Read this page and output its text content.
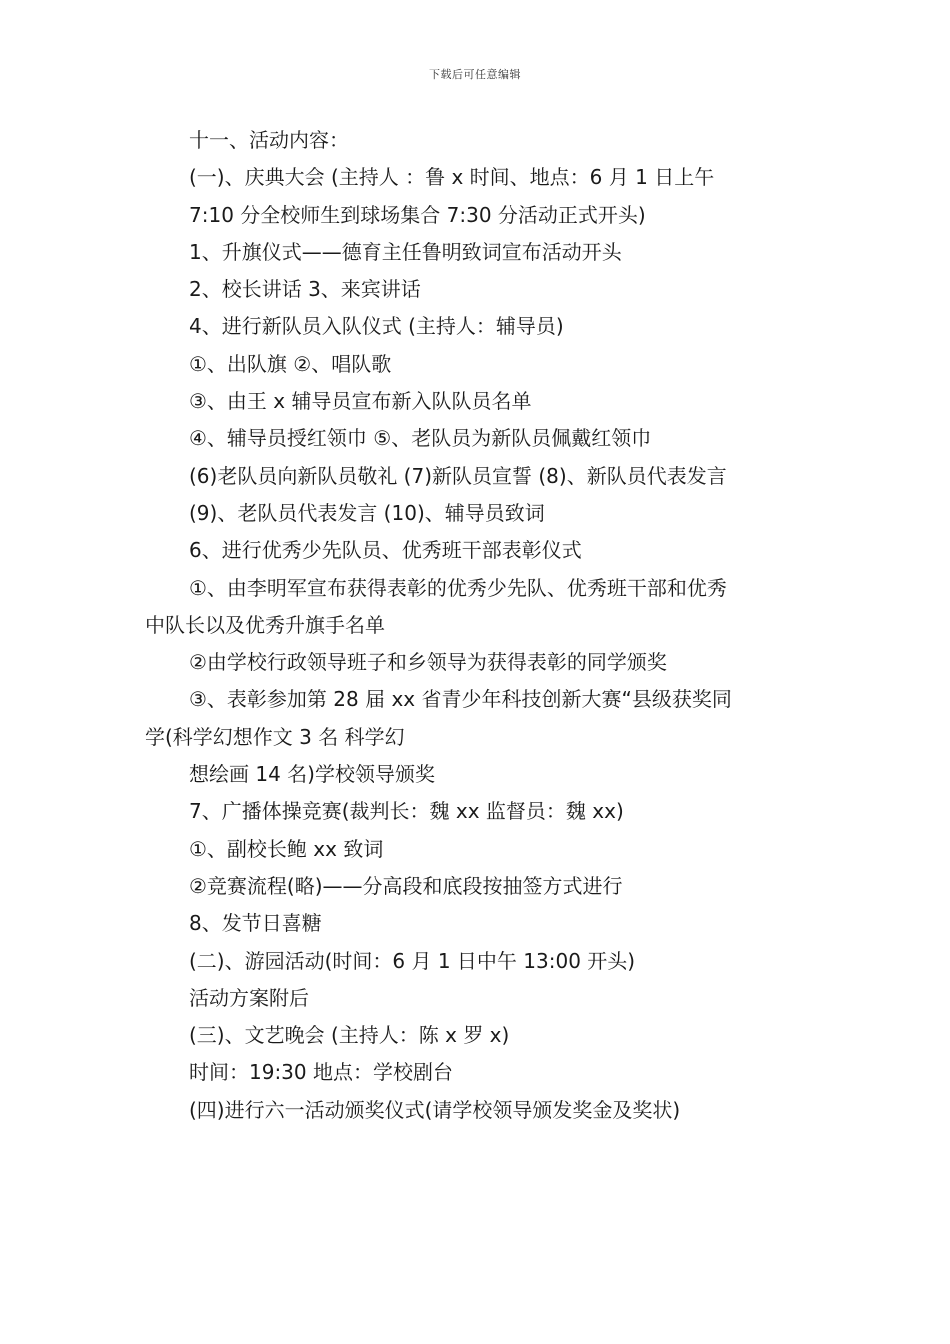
下载后可任意编辑
十一、活动内容：
(一)、庆典大会 (主持人 ：鲁 x 时间、地点：6 月 1 日上午
7:10 分全校师生到球场集合 7:30 分活动正式开头)
1、升旗仪式——德育主任鲁明致词宣布活动开头
2、校长讲话 3、来宾讲话
4、进行新队员入队仪式 (主持人：辅导员)
①、出队旗 ②、唱队歌
③、由王 x 辅导员宣布新入队队员名单
④、辅导员授红领巾 ⑤、老队员为新队员佩戴红领巾
(6)老队员向新队员敬礼 (7)新队员宣誓 (8)、新队员代表发言
(9)、老队员代表发言 (10)、辅导员致词
6、进行优秀少先队员、优秀班干部表彰仪式
①、由李明军宣布获得表彰的优秀少先队、优秀班干部和优秀
中队长以及优秀升旗手名单
②由学校行政领导班子和乡领导为获得表彰的同学颁奖
③、表彰参加第 28 届 xx 省青少年科技创新大赛“县级获奖同
学(科学幻想作文 3 名 科学幻
想绘画 14 名)学校领导颁奖
7、广播体操竞赛(裁判长：魏 xx 监督员：魏 xx)
①、副校长鲍 xx 致词
②竞赛流程(略)——分高段和底段按抽签方式进行
8、发节日喜糖
(二)、游园活动(时间：6 月 1 日中午 13:00 开头)
活动方案附后
(三)、文艺晚会 (主持人：陈 x 罗 x)
时间：19:30 地点：学校剧台
(四)进行六一活动颁奖仪式(请学校领导颁发奖金及奖状)
